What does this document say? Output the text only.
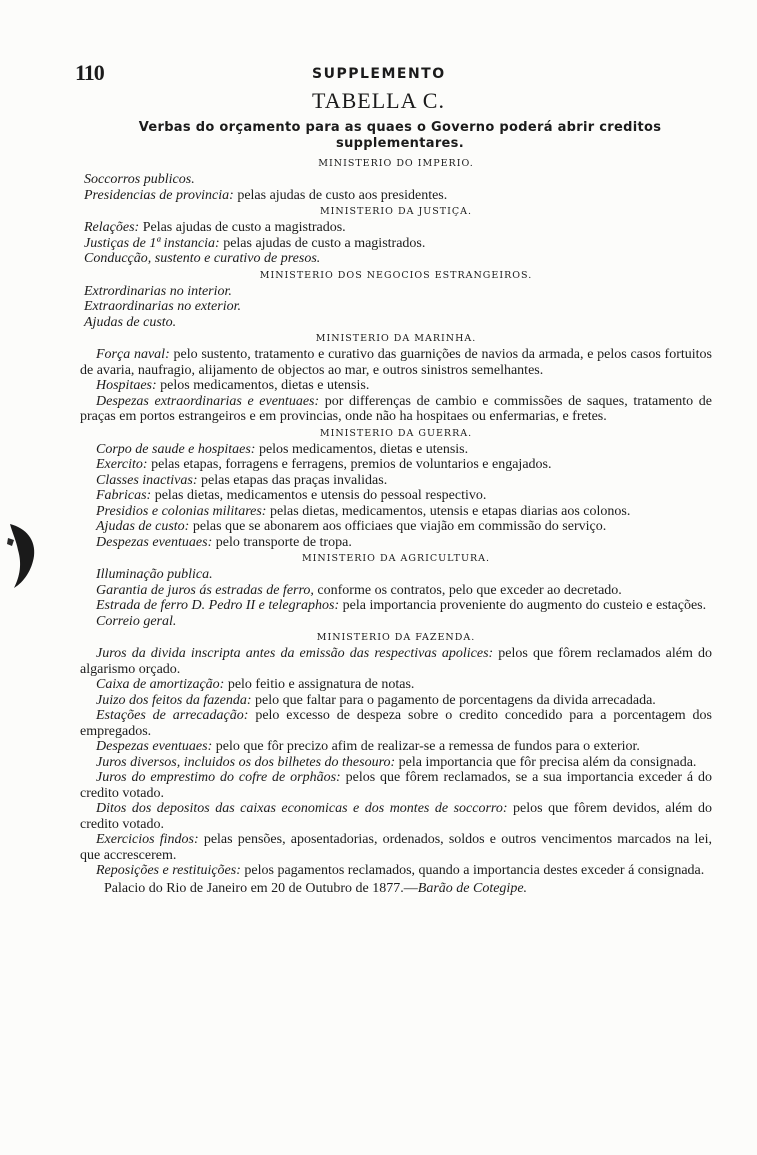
110	SUPPLEMENTO
TABELLA C.
Verbas do orçamento para as quaes o Governo poderá abrir creditos supplementares.
MINISTERIO DO IMPERIO.

Soccorros publicos.

Presidencias de provincia: pelas ajudas de custo aos presidentes.

MINISTERIO DA JUSTIÇA.

Relações: Pelas ajudas de custo a magistrados.

Justiças de 1ª instancia: pelas ajudas de custo a magistrados.

Conducção, sustento e curativo de presos.

MINISTERIO DOS NEGOCIOS ESTRANGEIROS.

Extrordinarias no interior.

Extraordinarias no exterior.

Ajudas de custo.

MINISTERIO DA MARINHA.

Força naval: pelo sustento, tratamento e curativo das guarnições de navios da armada, e pelos casos fortuitos de avaria, naufragio, alijamento de objectos ao mar, e outros sinistros semelhantes.

Hospitaes: pelos medicamentos, dietas e utensis.

Despezas extraordinarias e eventuaes: por differenças de cambio e commissões de saques, tratamento de praças em portos estrangeiros e em provincias, onde não ha hospitaes ou enfermarias, e fretes.

MINISTERIO DA GUERRA.

Corpo de saude e hospitaes: pelos medicamentos, dietas e utensis.

Exercito: pelas etapas, forragens e ferragens, premios de voluntarios e engajados.

Classes inactivas: pelas etapas das praças invalidas.

Fabricas: pelas dietas, medicamentos e utensis do pessoal respectivo.

Presidios e colonias militares: pelas dietas, medicamentos, utensis e etapas diarias aos colonos.

Ajudas de custo: pelas que se abonarem aos officiaes que viajão em commissão do serviço.

Despezas eventuaes: pelo transporte de tropa.

MINISTERIO DA AGRICULTURA.

Illuminação publica.

Garantia de juros ás estradas de ferro, conforme os contratos, pelo que exceder ao decretado.

Estrada de ferro D. Pedro II e telegraphos: pela importancia proveniente do augmento do custeio e estações.

Correio geral.

MINISTERIO DA FAZENDA.

Juros da divida inscripta antes da emissão das respectivas apolices: pelos que fôrem reclamados além do algarismo orçado.

Caixa de amortização: pelo feitio e assignatura de notas.

Juizo dos feitos da fazenda: pelo que faltar para o pagamento de porcentagens da divida arrecadada.

Estações de arrecadação: pelo excesso de despeza sobre o credito concedido para a porcentagem dos empregados.

Despezas eventuaes: pelo que fôr precizo afim de realizar-se a remessa de fundos para o exterior.

Juros diversos, incluidos os dos bilhetes do thesouro: pela importancia que fôr precisa além da consignada.

Juros do emprestimo do cofre de orphãos: pelos que fôrem reclamados, se a sua importancia exceder á do credito votado.

Ditos dos depositos das caixas economicas e dos montes de soccorro: pelos que fôrem devidos, além do credito votado.

Exercicios findos: pelas pensões, aposentadorias, ordenados, soldos e outros vencimentos marcados na lei, que accrescerem.

Reposições e restituições: pelos pagamentos reclamados, quando a importancia destes exceder á consignada.

Palacio do Rio de Janeiro em 20 de Outubro de 1877.—Barão de Cotegipe.
